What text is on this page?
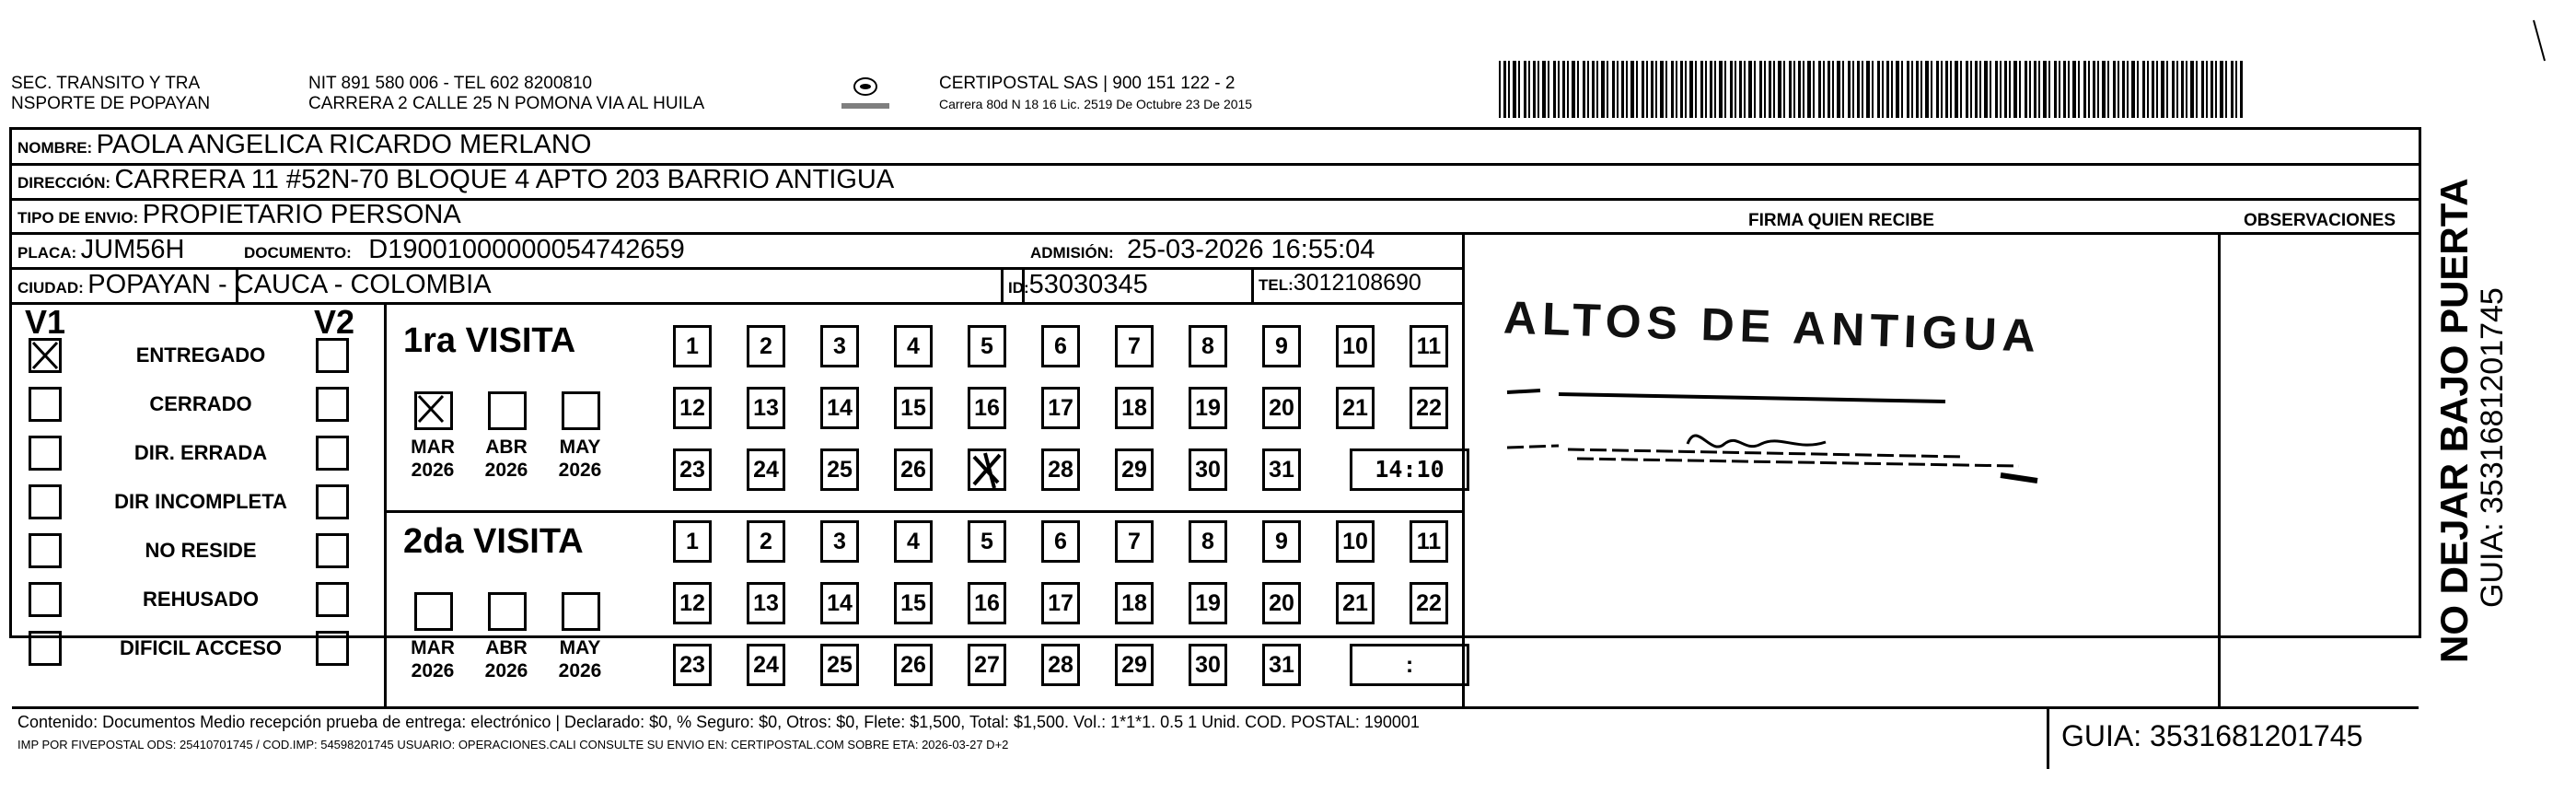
SEC. TRANSITO Y TRA
NSPORTE DE POPAYAN
NIT 891 580 006 - TEL 602 8200810
CARRERA 2 CALLE 25 N POMONA VIA AL HUILA
CERTIPOSTAL SAS | 900 151 122 - 2
Carrera 80d N 18 16 Lic. 2519 De Octubre 23 De 2015
NOMBRE: PAOLA ANGELICA RICARDO MERLANO
DIRECCIÓN: CARRERA 11 #52N-70 BLOQUE 4 APTO 203 BARRIO ANTIGUA
TIPO DE ENVIO: PROPIETARIO PERSONA	FIRMA QUIEN RECIBE	OBSERVACIONES
PLACA: JUM56H	DOCUMENTO: D19001000000054742659	ADMISIÓN: 25-03-2026 16:55:04
CIUDAD: POPAYAN - CAUCA - COLOMBIA	ID:53030345	TEL:3012108690
ALTOS DE ANTIGUA
V1	V2
ENTREGADO
CERRADO
DIR. ERRADA
DIR INCOMPLETA
NO RESIDE
REHUSADO
DIFICIL ACCESO
1ra VISITA
2da VISITA
MAR
2026
ABR
2026
MAY
2026
MAR
2026
ABR
2026
MAY
2026
1	2	3	4	5	6	7	8	9	10	11
12 13 14 15 16 17 18 19 20 21 22
23 24 25 26	28 29 30 31	14:10
1	2	3	4	5	6	7	8	9	10	11
12 13 14 15 16 17 18 19 20 21 22
23 24 25 26 27 28 29 30 31	:
Contenido: Documentos Medio recepción prueba de entrega: electrónico | Declarado: $0, % Seguro: $0, Otros: $0, Flete: $1,500, Total: $1,500. Vol.: 1*1*1. 0.5 1 Unid. COD. POSTAL: 190001
IMP POR FIVEPOSTAL ODS: 25410701745 / COD.IMP: 54598201745 USUARIO: OPERACIONES.CALI CONSULTE SU ENVIO EN: CERTIPOSTAL.COM SOBRE ETA: 2026-03-27 D+2	GUIA: 3531681201745
NO DEJAR BAJO PUERTA GUIA: 3531681201745
